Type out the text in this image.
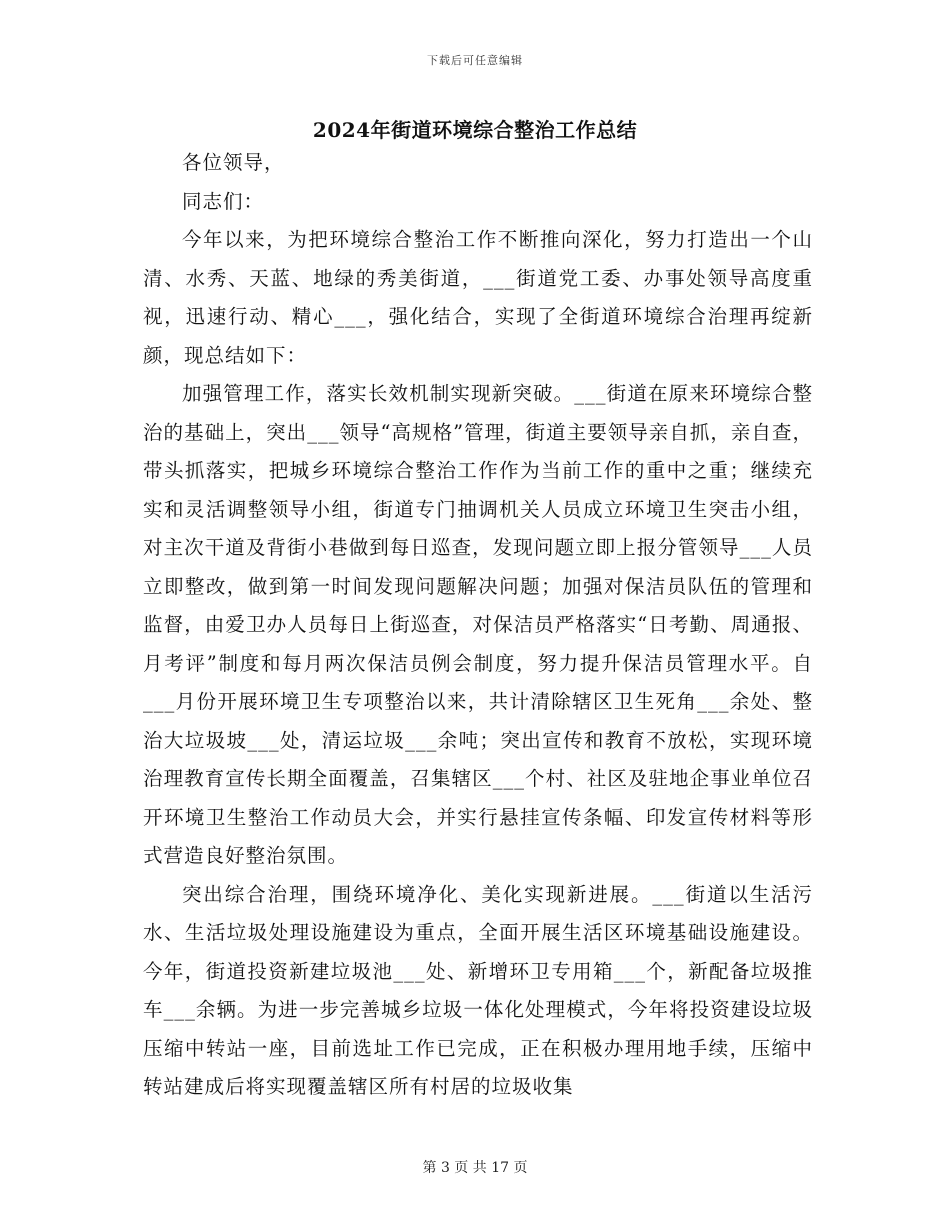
下载后可任意编辑
2024年街道环境综合整治工作总结

各位领导，

同志们：

今年以来，为把环境综合整治工作不断推向深化，努力打造出一个山清、水秀、天蓝、地绿的秀美街道，___街道党工委、办事处领导高度重视，迅速行动、精心___，强化结合，实现了全街道环境综合治理再绽新颜，现总结如下：

加强管理工作，落实长效机制实现新突破。___街道在原来环境综合整治的基础上，突出___领导“高规格”管理，街道主要领导亲自抓，亲自查，带头抓落实，把城乡环境综合整治工作作为当前工作的重中之重；继续充实和灵活调整领导小组，街道专门抽调机关人员成立环境卫生突击小组，对主次干道及背街小巷做到每日巡查，发现问题立即上报分管领导___人员立即整改，做到第一时间发现问题解决问题；加强对保洁员队伍的管理和监督，由爱卫办人员每日上街巡查，对保洁员严格落实“日考勤、周通报、月考评”制度和每月两次保洁员例会制度，努力提升保洁员管理水平。自___月份开展环境卫生专项整治以来，共计清除辖区卫生死角___余处、整治大垃圾坡___处，清运垃圾___余吨；突出宣传和教育不放松，实现环境治理教育宣传长期全面覆盖，召集辖区___个村、社区及驻地企事业单位召开环境卫生整治工作动员大会，并实行悬挂宣传条幅、印发宣传材料等形式营造良好整治氛围。

突出综合治理，围绕环境净化、美化实现新进展。___街道以生活污水、生活垃圾处理设施建设为重点，全面开展生活区环境基础设施建设。今年，街道投资新建垃圾池___处、新增环卫专用箱___个，新配备垃圾推车___余辆。为进一步完善城乡垃圾一体化处理模式，今年将投资建设垃圾压缩中转站一座，目前选址工作已完成，正在积极办理用地手续，压缩中转站建成后将实现覆盖辖区所有村居的垃圾收集

第 3 页 共 17 页
